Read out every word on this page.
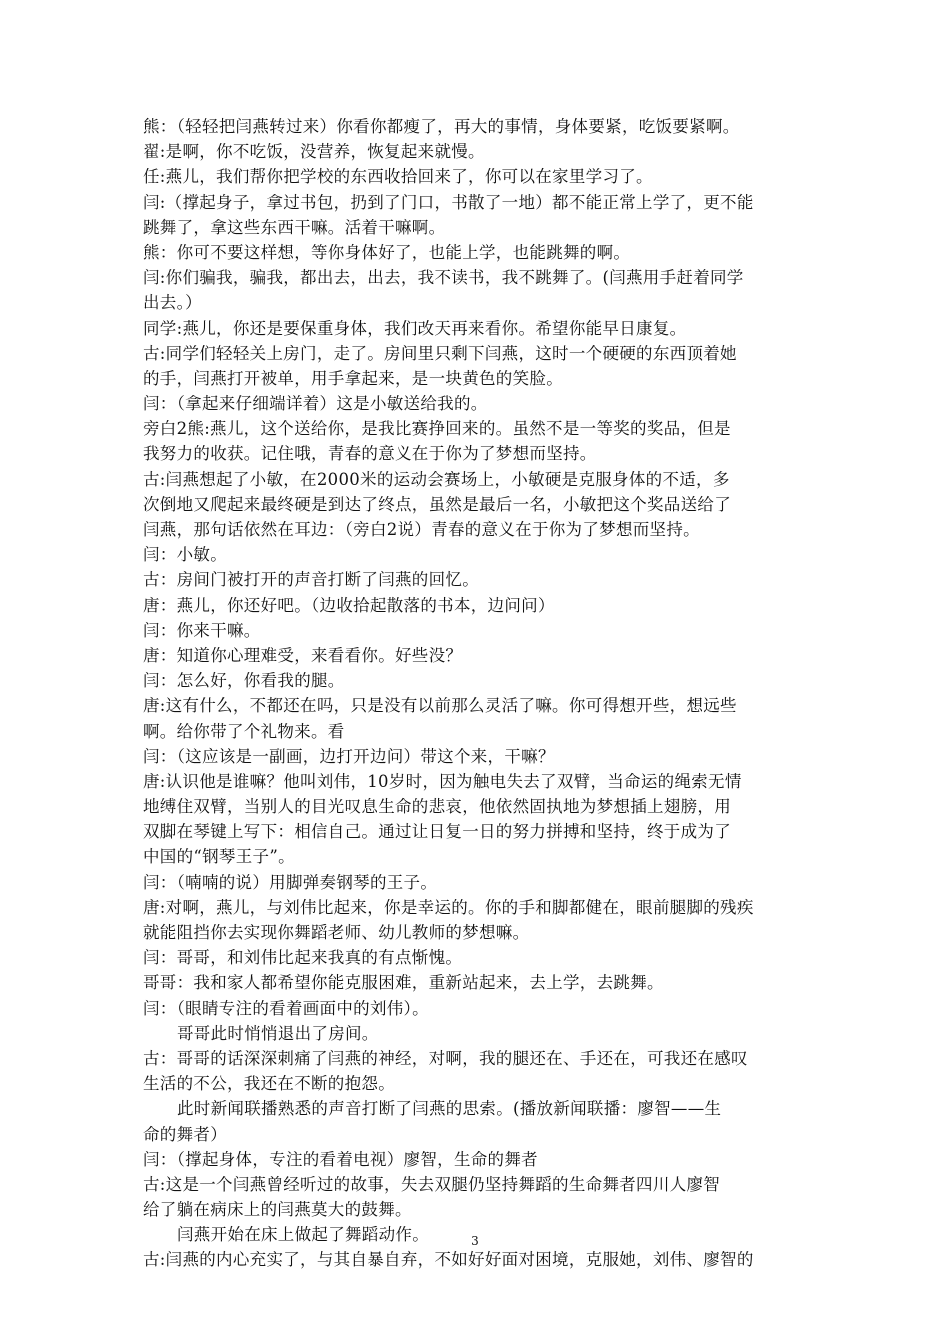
熊：（轻轻把闫燕转过来）你看你都瘦了，再大的事情，身体要紧，吃饭要紧啊。
翟:是啊，你不吃饭，没营养，恢复起来就慢。
任:燕儿，我们帮你把学校的东西收拾回来了，你可以在家里学习了。
闫:（撑起身子，拿过书包，扔到了门口，书散了一地）都不能正常上学了，更不能
跳舞了，拿这些东西干嘛。活着干嘛啊。
熊：你可不要这样想，等你身体好了，也能上学，也能跳舞的啊。
闫:你们骗我，骗我，都出去，出去，我不读书，我不跳舞了。(闫燕用手赶着同学
出去。）
同学:燕儿，你还是要保重身体，我们改天再来看你。希望你能早日康复。
古:同学们轻轻关上房门，走了。房间里只剩下闫燕，这时一个硬硬的东西顶着她
的手，闫燕打开被单，用手拿起来，是一块黄色的笑脸。
闫：（拿起来仔细端详着）这是小敏送给我的。
旁白2熊:燕儿，这个送给你，是我比赛挣回来的。虽然不是一等奖的奖品，但是
我努力的收获。记住哦，青春的意义在于你为了梦想而坚持。
古:闫燕想起了小敏，在2000米的运动会赛场上，小敏硬是克服身体的不适，多
次倒地又爬起来最终硬是到达了终点，虽然是最后一名，小敏把这个奖品送给了
闫燕，那句话依然在耳边：（旁白2说）青春的意义在于你为了梦想而坚持。
闫：小敏。
古：房间门被打开的声音打断了闫燕的回忆。
唐：燕儿，你还好吧。（边收拾起散落的书本，边问问）
闫：你来干嘛。
唐：知道你心理难受，来看看你。好些没？
闫：怎么好，你看我的腿。
唐:这有什么，不都还在吗，只是没有以前那么灵活了嘛。你可得想开些，想远些
啊。给你带了个礼物来。看
闫：（这应该是一副画，边打开边问）带这个来，干嘛？
唐:认识他是谁嘛？他叫刘伟，10岁时，因为触电失去了双臂，当命运的绳索无情
地缚住双臂，当别人的目光叹息生命的悲哀，他依然固执地为梦想插上翅膀，用
双脚在琴键上写下：相信自己。通过让日复一日的努力拼搏和坚持，终于成为了
中国的“钢琴王子”。
闫：（喃喃的说）用脚弹奏钢琴的王子。
唐:对啊，燕儿，与刘伟比起来，你是幸运的。你的手和脚都健在，眼前腿脚的残疾
就能阻挡你去实现你舞蹈老师、幼儿教师的梦想嘛。
闫：哥哥，和刘伟比起来我真的有点惭愧。
哥哥：我和家人都希望你能克服困难，重新站起来，去上学，去跳舞。
闫：（眼睛专注的看着画面中的刘伟）。
哥哥此时悄悄退出了房间。
古：哥哥的话深深刺痛了闫燕的神经，对啊，我的腿还在、手还在，可我还在感叹
生活的不公，我还在不断的抱怨。
此时新闻联播熟悉的声音打断了闫燕的思索。(播放新闻联播：廖智——生
命的舞者）
闫：（撑起身体，专注的看着电视）廖智，生命的舞者
古:这是一个闫燕曾经听过的故事，失去双腿仍坚持舞蹈的生命舞者四川人廖智
给了躺在病床上的闫燕莫大的鼓舞。
闫燕开始在床上做起了舞蹈动作。
古:闫燕的内心充实了，与其自暴自弃，不如好好面对困境，克服她，刘伟、廖智的
3
